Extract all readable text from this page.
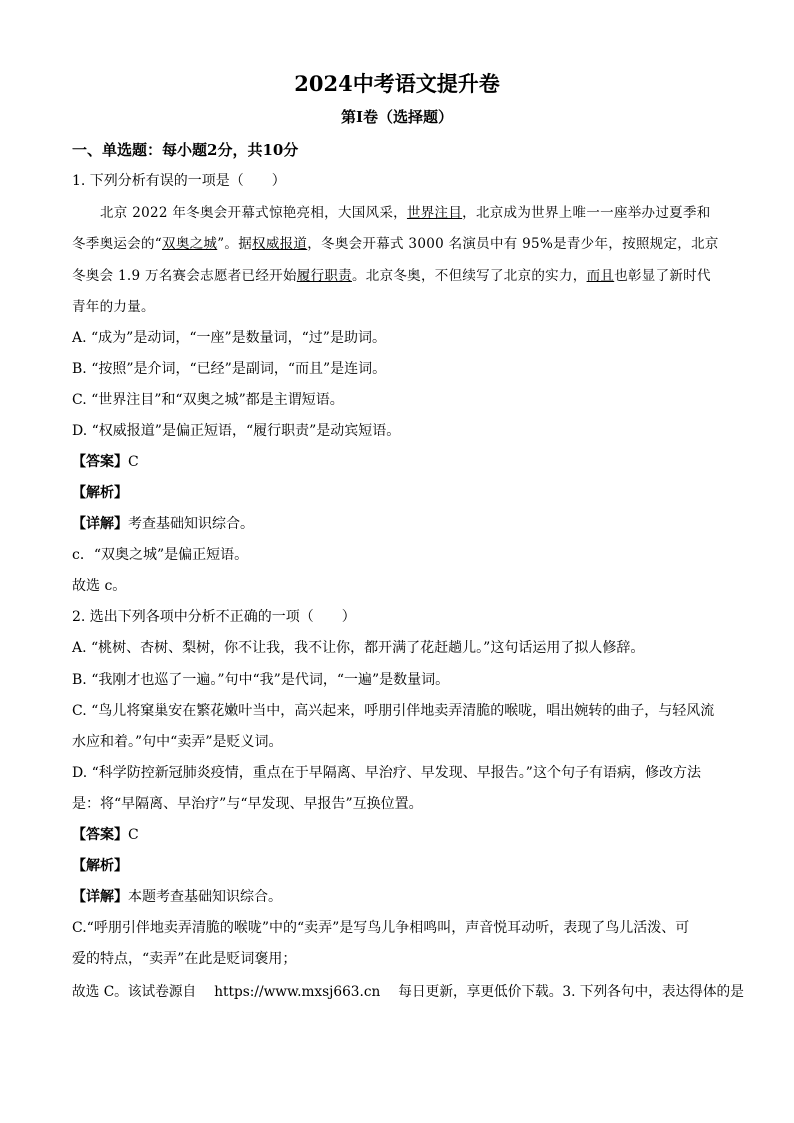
2024中考语文提升卷
第I卷（选择题）
一、单选题：每小题2分，共10分
1. 下列分析有误的一项是（　　）
北京 2022 年冬奥会开幕式惊艳亮相，大国风采，世界注目，北京成为世界上唯一一座举办过夏季和
冬季奥运会的“双奥之城”。据权威报道，冬奥会开幕式 3000 名演员中有 95%是青少年，按照规定，北京
冬奥会 1.9 万名赛会志愿者已经开始履行职责。北京冬奥，不但续写了北京的实力，而且也彰显了新时代
青年的力量。
A. “成为”是动词，“一座”是数量词，“过”是助词。
B. “按照”是介词，“已经”是副词，“而且”是连词。
C. “世界注目”和“双奥之城”都是主谓短语。
D. “权威报道”是偏正短语，“履行职责”是动宾短语。
【答案】C
【解析】
【详解】考查基础知识综合。
c．“双奥之城”是偏正短语。
故选 c。
2. 选出下列各项中分析不正确的一项（　　）
A. “桃树、杏树、梨树，你不让我，我不让你，都开满了花赶趟儿。”这句话运用了拟人修辞。
B. “我刚才也巡了一遍。”句中“我”是代词，“一遍”是数量词。
C. “鸟儿将窠巢安在繁花嫩叶当中，高兴起来，呼朋引伴地卖弄清脆的喉咙，唱出婉转的曲子，与轻风流
水应和着。”句中“卖弄”是贬义词。
D. “科学防控新冠肺炎疫情，重点在于早隔离、早治疗、早发现、早报告。”这个句子有语病，修改方法
是：将“早隔离、早治疗”与“早发现、早报告”互换位置。
【答案】C
【解析】
【详解】本题考查基础知识综合。
C.“呼朋引伴地卖弄清脆的喉咙”中的“卖弄”是写鸟儿争相鸣叫，声音悦耳动听，表现了鸟儿活泼、可
爱的特点，“卖弄”在此是贬词褒用；
故选 C。该试卷源自　 https://www.mxsj663.cn　 每日更新，享更低价下载。3. 下列各句中，表达得体的是
